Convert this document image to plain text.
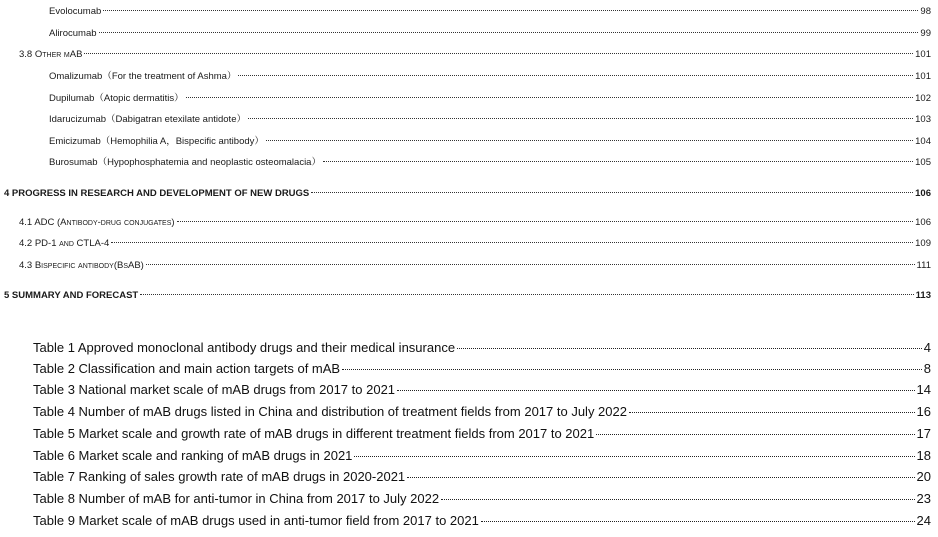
Evolocumab	98
Alirocumab	99
3.8 Other mAB	101
Omalizumab（For the treatment of Ashma）	101
Dupilumab（Atopic dermatitis）	102
Idarucizumab（Dabigatran etexilate antidote）	103
Emicizumab（Hemophilia A，Bispecific antibody）	104
Burosumab（Hypophosphatemia and neoplastic osteomalacia）	105
4 PROGRESS IN RESEARCH AND DEVELOPMENT OF NEW DRUGS	106
4.1 ADC (Antibody-drug conjugates)	106
4.2 PD-1 and CTLA-4	109
4.3 Bispecific antibody(BsAB)	111
5 SUMMARY AND FORECAST	113
Table 1 Approved monoclonal antibody drugs and their medical insurance	4
Table 2 Classification and main action targets of mAB	8
Table 3 National market scale of mAB drugs from 2017 to 2021	14
Table 4 Number of mAB drugs listed in China and distribution of treatment fields from 2017 to July 2022	16
Table 5 Market scale and growth rate of mAB drugs in different treatment fields from 2017 to 2021	17
Table 6 Market scale and ranking of mAB drugs in 2021	18
Table 7 Ranking of sales growth rate of mAB drugs in 2020-2021	20
Table 8 Number of mAB for anti-tumor in China from 2017 to July 2022	23
Table 9 Market scale of mAB drugs used in anti-tumor field from 2017 to 2021	24
